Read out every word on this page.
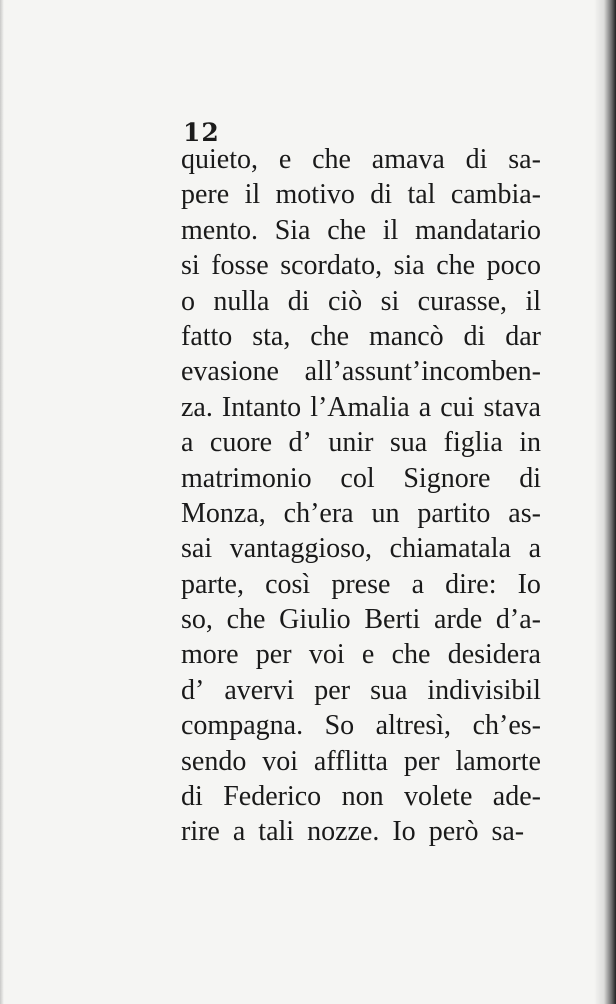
12
quieto, e che amava di sa-
pere il motivo di tal cambia-
mento. Sia che il mandatario
si fosse scordato, sia che poco
o nulla di ciò si curasse, il
fatto sta, che mancò di dar
evasione all’assunt’incomben-
za. Intanto l’Amalia a cui stava
a cuore d’ unir sua figlia in
matrimonio col Signore di
Monza, ch’era un partito as-
sai vantaggioso, chiamatala a
parte, così prese a dire: Io
so, che Giulio Berti arde d’a-
more per voi e che desidera
d’ avervi per sua indivisibil
compagna. So altresì, ch’es-
sendo voi afflitta per lamorte
di Federico non volete ade-
rire a tali nozze. Io però sa-
